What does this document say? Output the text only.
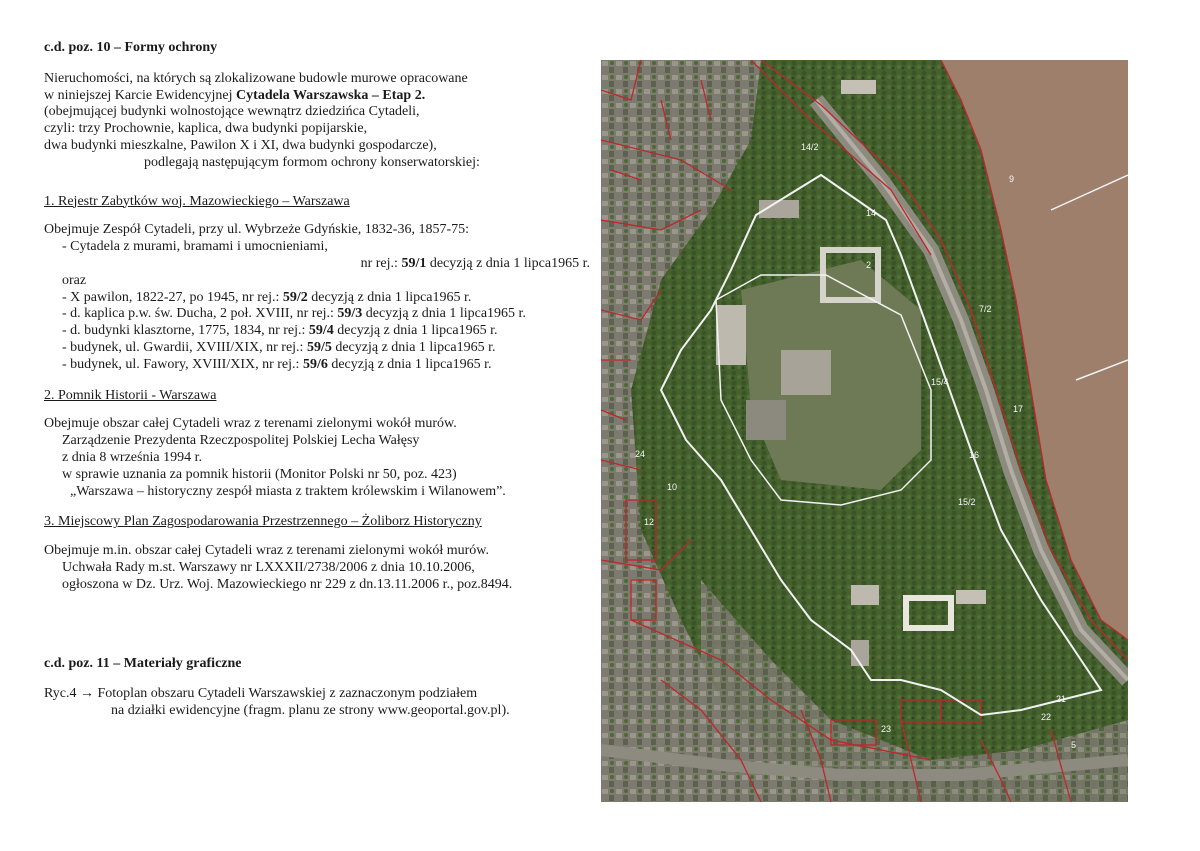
c.d. poz. 10 – Formy ochrony

Nieruchomości, na których są zlokalizowane budowle murowe opracowane

w niniejszej Karcie Ewidencyjnej Cytadela Warszawska – Etap 2.

(obejmującej budynki wolnostojące wewnątrz dziedzińca Cytadeli,

czyli: trzy Prochownie, kaplica, dwa budynki popijarskie,

dwa budynki mieszkalne, Pawilon X i XI, dwa budynki gospodarcze),

podlegają następującym formom ochrony konserwatorskiej:

1. Rejestr Zabytków woj. Mazowieckiego – Warszawa

Obejmuje Zespół Cytadeli, przy ul. Wybrzeże Gdyńskie, 1832-36, 1857-75:

- Cytadela z murami, bramami i umocnieniami,

nr rej.: 59/1 decyzją z dnia 1 lipca1965 r.

oraz

- X pawilon, 1822-27, po 1945, nr rej.: 59/2 decyzją z dnia 1 lipca1965 r.

- d. kaplica p.w. św. Ducha, 2 poł. XVIII, nr rej.: 59/3 decyzją z dnia 1 lipca1965 r.

- d. budynki klasztorne, 1775, 1834, nr rej.: 59/4 decyzją z dnia 1 lipca1965 r.

- budynek, ul. Gwardii, XVIII/XIX, nr rej.: 59/5 decyzją z dnia 1 lipca1965 r.

- budynek, ul. Fawory, XVIII/XIX, nr rej.: 59/6 decyzją z dnia 1 lipca1965 r.

2. Pomnik Historii - Warszawa

Obejmuje obszar całej Cytadeli wraz z terenami zielonymi wokół murów.

Zarządzenie Prezydenta Rzeczpospolitej Polskiej Lecha Wałęsy

z dnia 8 września 1994 r.

w sprawie uznania za pomnik historii (Monitor Polski nr 50, poz. 423)

„Warszawa – historyczny zespół miasta z traktem królewskim i Wilanowem”.

3. Miejscowy Plan Zagospodarowania Przestrzennego – Żoliborz Historyczny

Obejmuje m.in. obszar całej Cytadeli wraz z terenami zielonymi wokół murów.

Uchwała Rady m.st. Warszawy nr LXXXII/2738/2006 z dnia 10.10.2006,

ogłoszona w Dz. Urz. Woj. Mazowieckiego nr 229 z dn.13.11.2006 r., poz.8494.

c.d. poz. 11 – Materiały graficzne

Ryc.4 → Fotoplan obszaru Cytadeli Warszawskiej z zaznaczonym podziałem

na działki ewidencyjne (fragm. planu ze strony www.geoportal.gov.pl).

9
7/2
17
16
15/2
15/4
14
14/2
2
10
12
24
23
21
22
5
